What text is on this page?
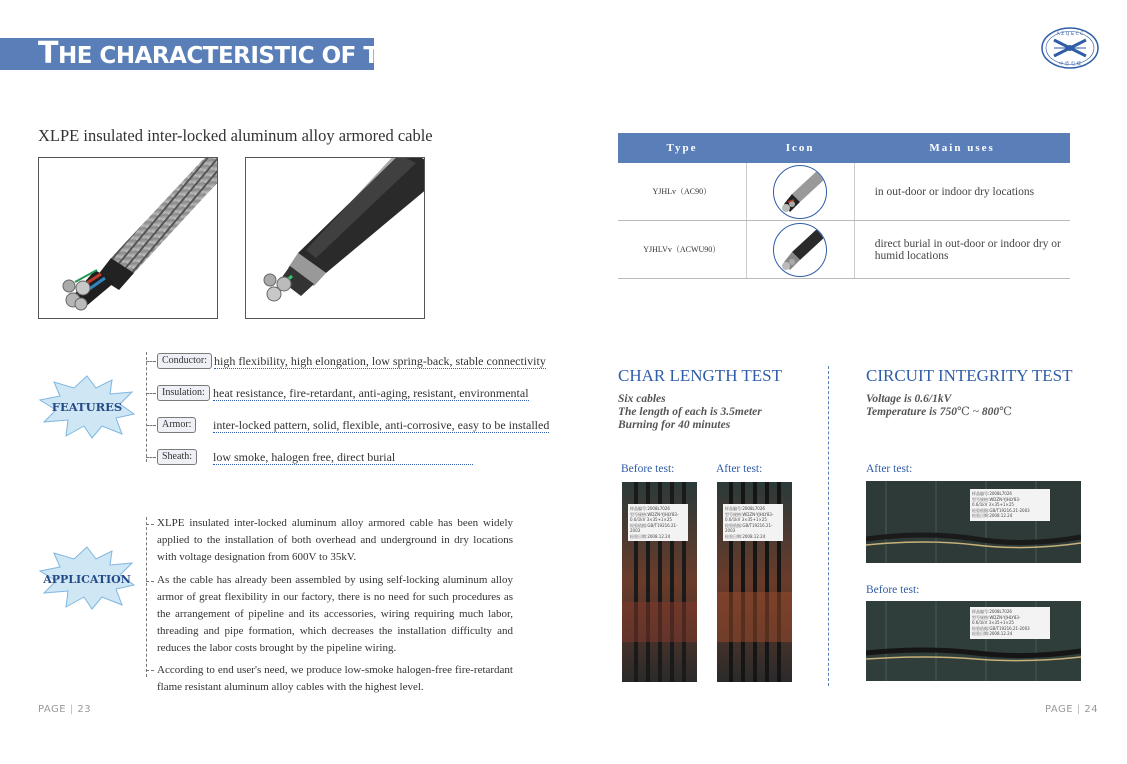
THE CHARACTERISTIC OF THE CABLE
A Z Q & C C
中 盾 电 缆
XLPE insulated inter-locked aluminum alloy armored cable
FEATURES
Conductor: high flexibility, high elongation, low spring-back, stable connectivity
Insulation: heat resistance, fire-retardant, anti-aging, resistant, environmental
Armor:	inter-locked pattern, solid, flexible, anti-corrosive, easy to be installed
Sheath:	low smoke, halogen free, direct burial
APPLICATION
XLPE insulated inter-locked aluminum alloy armored cable has been widely applied to the installation of both overhead and underground in dry locations with voltage designation from 600V to 35kV.
As the cable has already been assembled by using self-locking aluminum alloy armor of great flexibility in our factory, there is no need for such procedures as the arrangement of pipeline and its accessories, wiring requiring much labor, threading and pipe formation, which decreases the installation difficulty and reduces the labor costs brought by the pipeline wiring.
According to end user's need, we produce low-smoke halogen-free fire-retardant flame resistant aluminum alloy cables with the highest level.
PAGE | 23	PAGE | 24
Type	Icon	Main uses
YJHLv（AC90）		in out-door or indoor dry locations
YJHLVv（ACWU90）		direct burial in out-door or indoor dry or humid locations
CHAR LENGTH TEST
Six cables
The length of each is 3.5meter
Burning for 40 minutes
Before test:	After test:
样品编号:2008L7026
型号规格:WDZN-YJHLY83-
0.6/1kV 3×35+1×25
检验依据:GB/T19216.21-2003
检验日期:2008.12.24
样品编号:2008L7026
型号规格:WDZN-YJHLY83-
0.6/1kV 3×35+1×25
检验依据:GB/T19216.21-2003
检验日期:2008.12.24
CIRCUIT INTEGRITY TEST
Voltage is 0.6/1kV
Temperature is 750℃ ~ 800℃
After test:
样品编号:2008L7026
型号规格:WDZN-YJHLY83-
0.6/1kV 3×35+1×25
检验依据:GB/T19216.21-2003
检验日期:2008.12.24
Before test:
样品编号:2008L7026
型号规格:WDZN-YJHLY83-
0.6/1kV 3×35+1×25
检验依据:GB/T19216.21-2003
检验日期:2008.12.24
